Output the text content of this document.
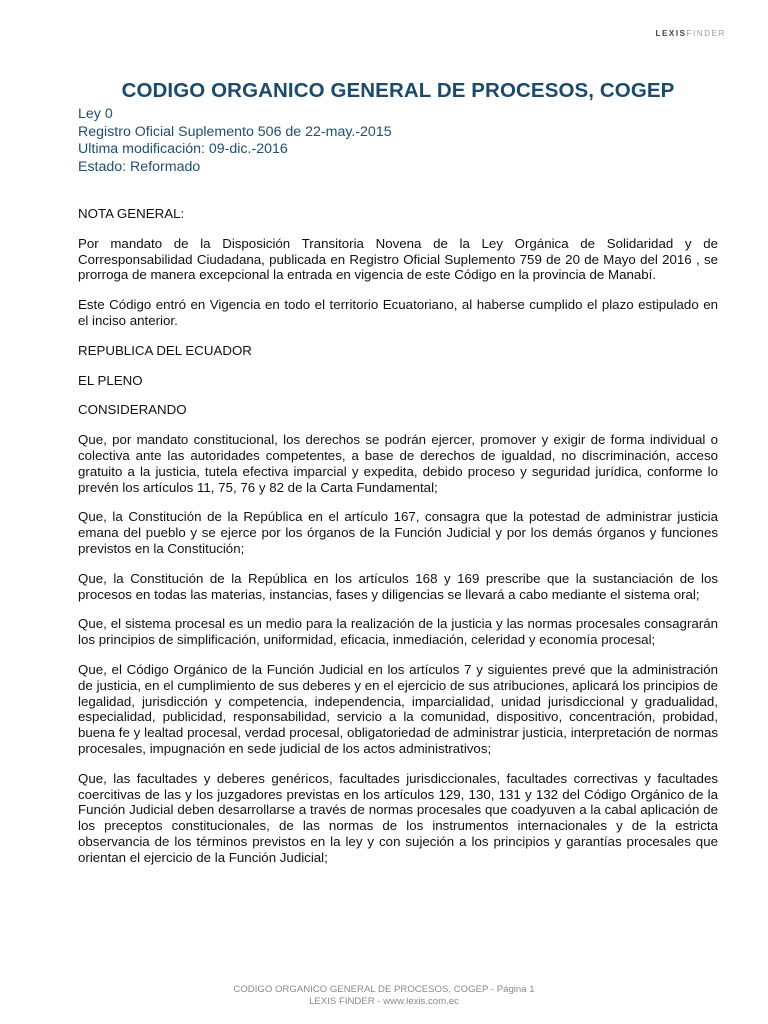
LEXISFINDER
CODIGO ORGANICO GENERAL DE PROCESOS, COGEP
Ley 0
Registro Oficial Suplemento 506 de 22-may.-2015
Ultima modificación: 09-dic.-2016
Estado: Reformado

NOTA GENERAL:

Por mandato de la Disposición Transitoria Novena de la Ley Orgánica de Solidaridad y de Corresponsabilidad Ciudadana, publicada en Registro Oficial Suplemento 759 de 20 de Mayo del 2016 , se prorroga de manera excepcional la entrada en vigencia de este Código en la provincia de Manabí.

Este Código entró en Vigencia en todo el territorio Ecuatoriano, al haberse cumplido el plazo estipulado en el inciso anterior.

REPUBLICA DEL ECUADOR

EL PLENO

CONSIDERANDO

Que, por mandato constitucional, los derechos se podrán ejercer, promover y exigir de forma individual o colectiva ante las autoridades competentes, a base de derechos de igualdad, no discriminación, acceso gratuito a la justicia, tutela efectiva imparcial y expedita, debido proceso y seguridad jurídica, conforme lo prevén los artículos 11, 75, 76 y 82 de la Carta Fundamental;

Que, la Constitución de la República en el artículo 167, consagra que la potestad de administrar justicia emana del pueblo y se ejerce por los órganos de la Función Judicial y por los demás órganos y funciones previstos en la Constitución;

Que, la Constitución de la República en los artículos 168 y 169 prescribe que la sustanciación de los procesos en todas las materias, instancias, fases y diligencias se llevará a cabo mediante el sistema oral;

Que, el sistema procesal es un medio para la realización de la justicia y las normas procesales consagrarán los principios de simplificación, uniformidad, eficacia, inmediación, celeridad y economía procesal;

Que, el Código Orgánico de la Función Judicial en los artículos 7 y siguientes prevé que la administración de justicia, en el cumplimiento de sus deberes y en el ejercicio de sus atribuciones, aplicará los principios de legalidad, jurisdicción y competencia, independencia, imparcialidad, unidad jurisdiccional y gradualidad, especialidad, publicidad, responsabilidad, servicio a la comunidad, dispositivo, concentración, probidad, buena fe y lealtad procesal, verdad procesal, obligatoriedad de administrar justicia, interpretación de normas procesales, impugnación en sede judicial de los actos administrativos;

Que, las facultades y deberes genéricos, facultades jurisdiccionales, facultades correctivas y facultades coercitivas de las y los juzgadores previstas en los artículos 129, 130, 131 y 132 del Código Orgánico de la Función Judicial deben desarrollarse a través de normas procesales que coadyuven a la cabal aplicación de los preceptos constitucionales, de las normas de los instrumentos internacionales y de la estricta observancia de los términos previstos en la ley y con sujeción a los principios y garantías procesales que orientan el ejercicio de la Función Judicial;

CODIGO ORGANICO GENERAL DE PROCESOS, COGEP - Página 1
LEXIS FINDER - www.lexis.com.ec
